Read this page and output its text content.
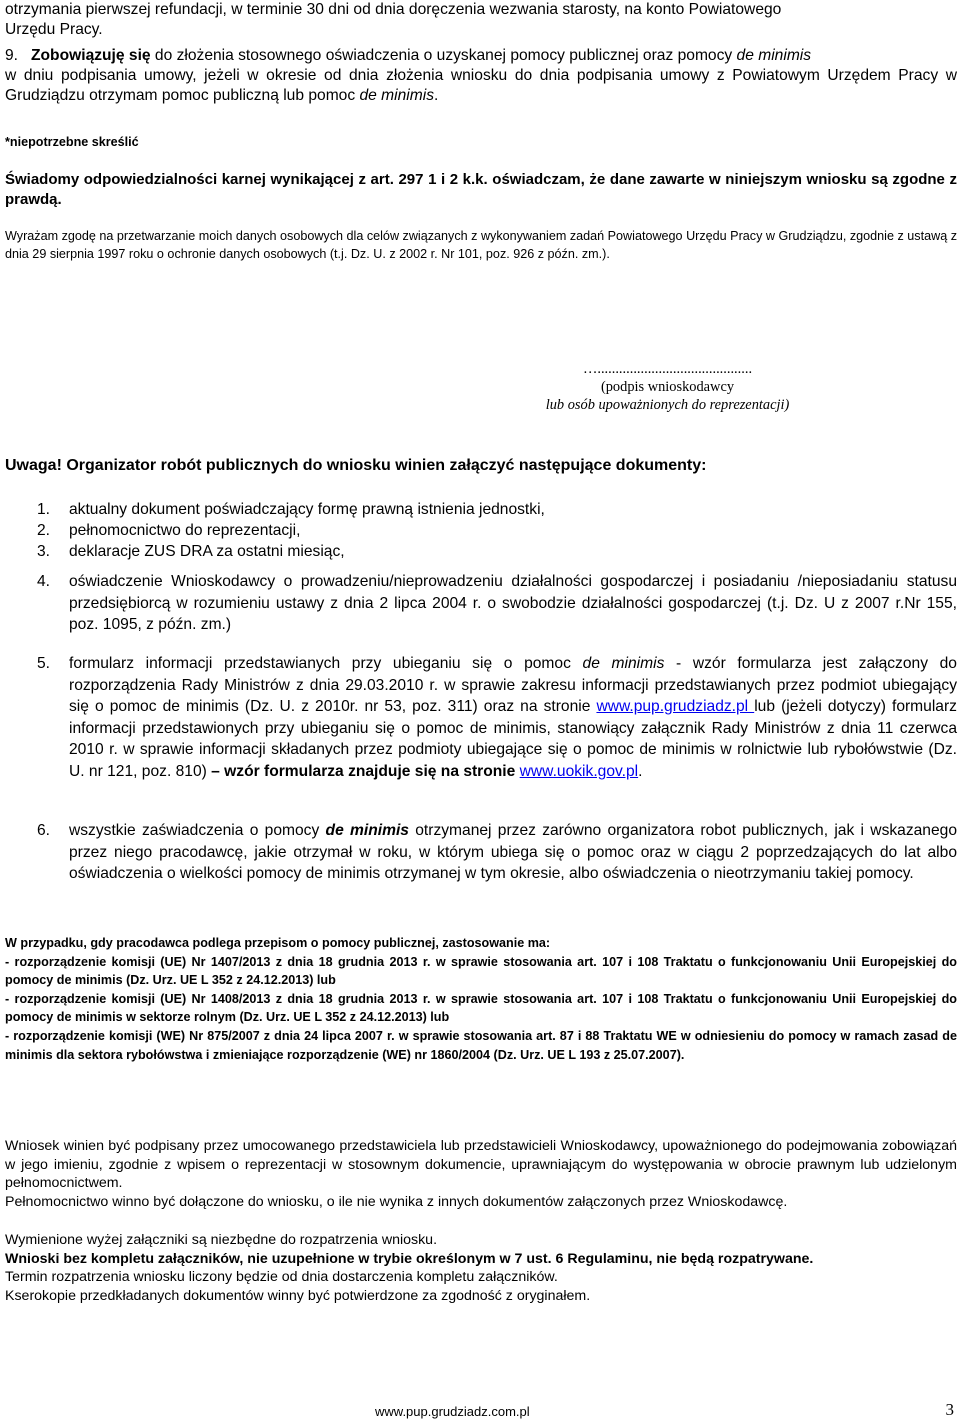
otrzymania pierwszej refundacji, w terminie 30 dni od dnia doręczenia wezwania starosty, na konto Powiatowego
Urzędu Pracy.
9. Zobowiązuję się do złożenia stosownego oświadczenia o uzyskanej pomocy publicznej oraz pomocy de minimis
w dniu podpisania umowy, jeżeli w okresie od dnia złożenia wniosku do dnia podpisania umowy z Powiatowym Urzędem Pracy w Grudziądzu otrzymam pomoc publiczną lub pomoc de minimis.
*niepotrzebne skreślić
Świadomy odpowiedzialności karnej wynikającej z art. 297 1 i 2 k.k. oświadczam, że dane zawarte w niniejszym wniosku są zgodne z prawdą.
Wyrażam zgodę na przetwarzanie moich danych osobowych dla celów związanych z wykonywaniem zadań Powiatowego Urzędu Pracy w Grudziądzu, zgodnie z ustawą z dnia 29 sierpnia 1997 roku o ochronie danych osobowych (t.j. Dz. U. z 2002 r. Nr 101, poz. 926 z późn. zm.).
…...........................................
(podpis wnioskodawcy
lub osób upoważnionych do reprezentacji)
Uwaga! Organizator robót publicznych do wniosku winien załączyć następujące dokumenty:
1. aktualny dokument poświadczający formę prawną istnienia jednostki,
2. pełnomocnictwo do reprezentacji,
3. deklaracje ZUS DRA za ostatni miesiąc,
4. oświadczenie Wnioskodawcy o prowadzeniu/nieprowadzeniu działalności gospodarczej i posiadaniu /nieposiadaniu statusu przedsiębiorcą w rozumieniu ustawy z dnia 2 lipca 2004 r. o swobodzie działalności gospodarczej (t.j. Dz. U z 2007 r.Nr 155, poz. 1095, z późn. zm.)
5. formularz informacji przedstawianych przy ubieganiu się o pomoc de minimis - wzór formularza jest załączony do rozporządzenia Rady Ministrów z dnia 29.03.2010 r. w sprawie zakresu informacji przedstawianych przez podmiot ubiegający się o pomoc de minimis (Dz. U. z 2010r. nr 53, poz. 311) oraz na stronie www.pup.grudziadz.pl lub (jeżeli dotyczy) formularz informacji przedstawionych przy ubieganiu się o pomoc de minimis, stanowiący załącznik Rady Ministrów z dnia 11 czerwca 2010 r. w sprawie informacji składanych przez podmioty ubiegające się o pomoc de minimis w rolnictwie lub rybołówstwie (Dz. U. nr 121, poz. 810) – wzór formularza znajduje się na stronie www.uokik.gov.pl.
6. wszystkie zaświadczenia o pomocy de minimis otrzymanej przez zarówno organizatora robot publicznych, jak i wskazanego przez niego pracodawcę, jakie otrzymał w roku, w którym ubiega się o pomoc oraz w ciągu 2 poprzedzających do lat albo oświadczenia o wielkości pomocy de minimis otrzymanej w tym okresie, albo oświadczenia o nieotrzymaniu takiej pomocy.
W przypadku, gdy pracodawca podlega przepisom o pomocy publicznej, zastosowanie ma:
- rozporządzenie komisji (UE) Nr 1407/2013 z dnia 18 grudnia 2013 r. w sprawie stosowania art. 107 i 108 Traktatu o funkcjonowaniu Unii Europejskiej do pomocy de minimis (Dz. Urz. UE L 352 z 24.12.2013) lub
- rozporządzenie komisji (UE) Nr 1408/2013 z dnia 18 grudnia 2013 r. w sprawie stosowania art. 107 i 108 Traktatu o funkcjonowaniu Unii Europejskiej do pomocy de minimis w sektorze rolnym (Dz. Urz. UE L 352 z 24.12.2013) lub
- rozporządzenie komisji (WE) Nr 875/2007 z dnia 24 lipca 2007 r. w sprawie stosowania art. 87 i 88 Traktatu WE w odniesieniu do pomocy w ramach zasad de minimis dla sektora rybołówstwa i zmieniające rozporządzenie (WE) nr 1860/2004 (Dz. Urz. UE L 193 z 25.07.2007).
Wniosek winien być podpisany przez umocowanego przedstawiciela lub przedstawicieli Wnioskodawcy, upoważnionego do podejmowania zobowiązań w jego imieniu, zgodnie z wpisem o reprezentacji w stosownym dokumencie, uprawniającym do występowania w obrocie prawnym lub udzielonym pełnomocnictwem.
Pełnomocnictwo winno być dołączone do wniosku, o ile nie wynika z innych dokumentów załączonych przez Wnioskodawcę.
Wymienione wyżej załączniki są niezbędne do rozpatrzenia wniosku.
Wnioski bez kompletu załączników, nie uzupełnione w trybie określonym w 7 ust. 6 Regulaminu, nie będą rozpatrywane.
Termin rozpatrzenia wniosku liczony będzie od dnia dostarczenia kompletu załączników.
Kserokopie przedkładanych dokumentów winny być potwierdzone za zgodność z oryginałem.
www.pup.grudziadz.com.pl	3
